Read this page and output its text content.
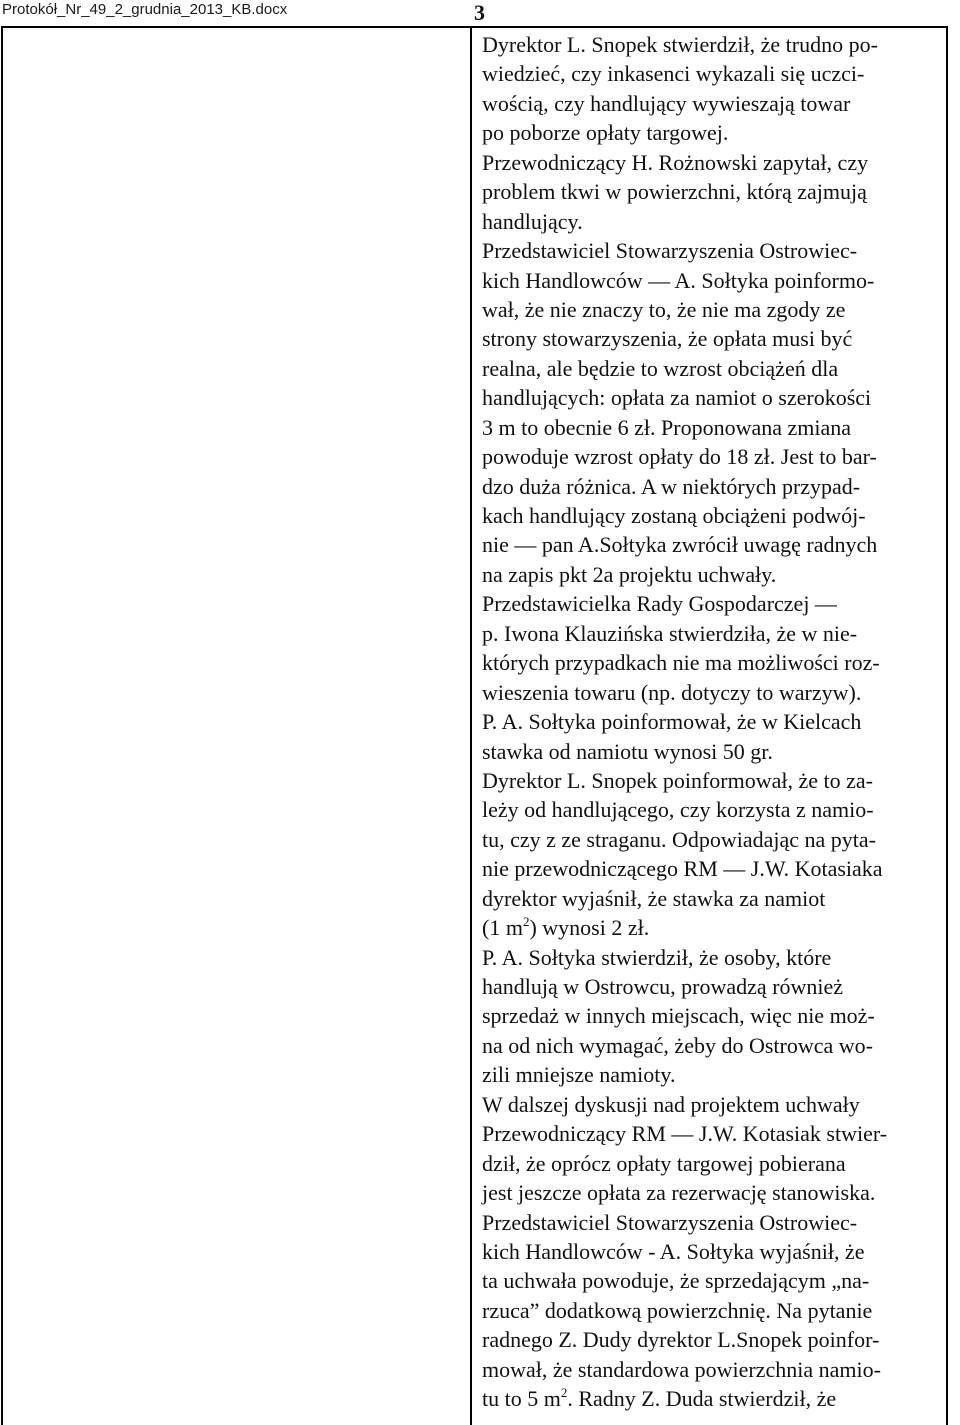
Protokół_Nr_49_2_grudnia_2013_KB.docx	3
Dyrektor L. Snopek stwierdził, że trudno po-
wiedzieć, czy inkasenci wykazali się uczci-
wością, czy handlujący wywieszają towar
po poborze opłaty targowej.
Przewodniczący H. Rożnowski zapytał, czy
problem tkwi w powierzchni, którą zajmują
handlujący.
Przedstawiciel Stowarzyszenia Ostrowiec-
kich Handlowców — A. Sołtyka poinformo-
wał, że nie znaczy to, że nie ma zgody ze
strony stowarzyszenia, że opłata musi być
realna, ale będzie to wzrost obciążeń dla
handlujących: opłata za namiot o szerokości
3 m to obecnie 6 zł. Proponowana zmiana
powoduje wzrost opłaty do 18 zł. Jest to bar-
dzo duża różnica. A w niektórych przypad-
kach handlujący zostaną obciążeni podwój-
nie — pan A.Sołtyka zwrócił uwagę radnych
na zapis pkt 2a projektu uchwały.
Przedstawicielka Rady Gospodarczej —
p. Iwona Klauzińska stwierdziła, że w nie-
których przypadkach nie ma możliwości roz-
wieszenia towaru (np. dotyczy to warzyw).
P. A. Sołtyka poinformował, że w Kielcach
stawka od namiotu wynosi 50 gr.
Dyrektor L. Snopek poinformował, że to za-
leży od handlującego, czy korzysta z namio-
tu, czy z ze straganu. Odpowiadając na pyta-
nie przewodniczącego RM — J.W. Kotasiaka
dyrektor wyjaśnił, że stawka za namiot
(1 $m^2$) wynosi 2 zł.
P. A. Sołtyka stwierdził, że osoby, które
handlują w Ostrowcu, prowadzą również
sprzedaż w innych miejscach, więc nie moż-
na od nich wymagać, żeby do Ostrowca wo-
zili mniejsze namioty.
W dalszej dyskusji nad projektem uchwały
Przewodniczący RM — J.W. Kotasiak stwier-
dził, że oprócz opłaty targowej pobierana
jest jeszcze opłata za rezerwację stanowiska.
Przedstawiciel Stowarzyszenia Ostrowiec-
kich Handlowców - A. Sołtyka wyjaśnił, że
ta uchwała powoduje, że sprzedającym „na-
rzuca” dodatkową powierzchnię. Na pytanie
radnego Z. Dudy dyrektor L.Snopek poinfor-
mował, że standardowa powierzchnia namio-
tu to 5 $m^2$. Radny Z. Duda stwierdził, że
